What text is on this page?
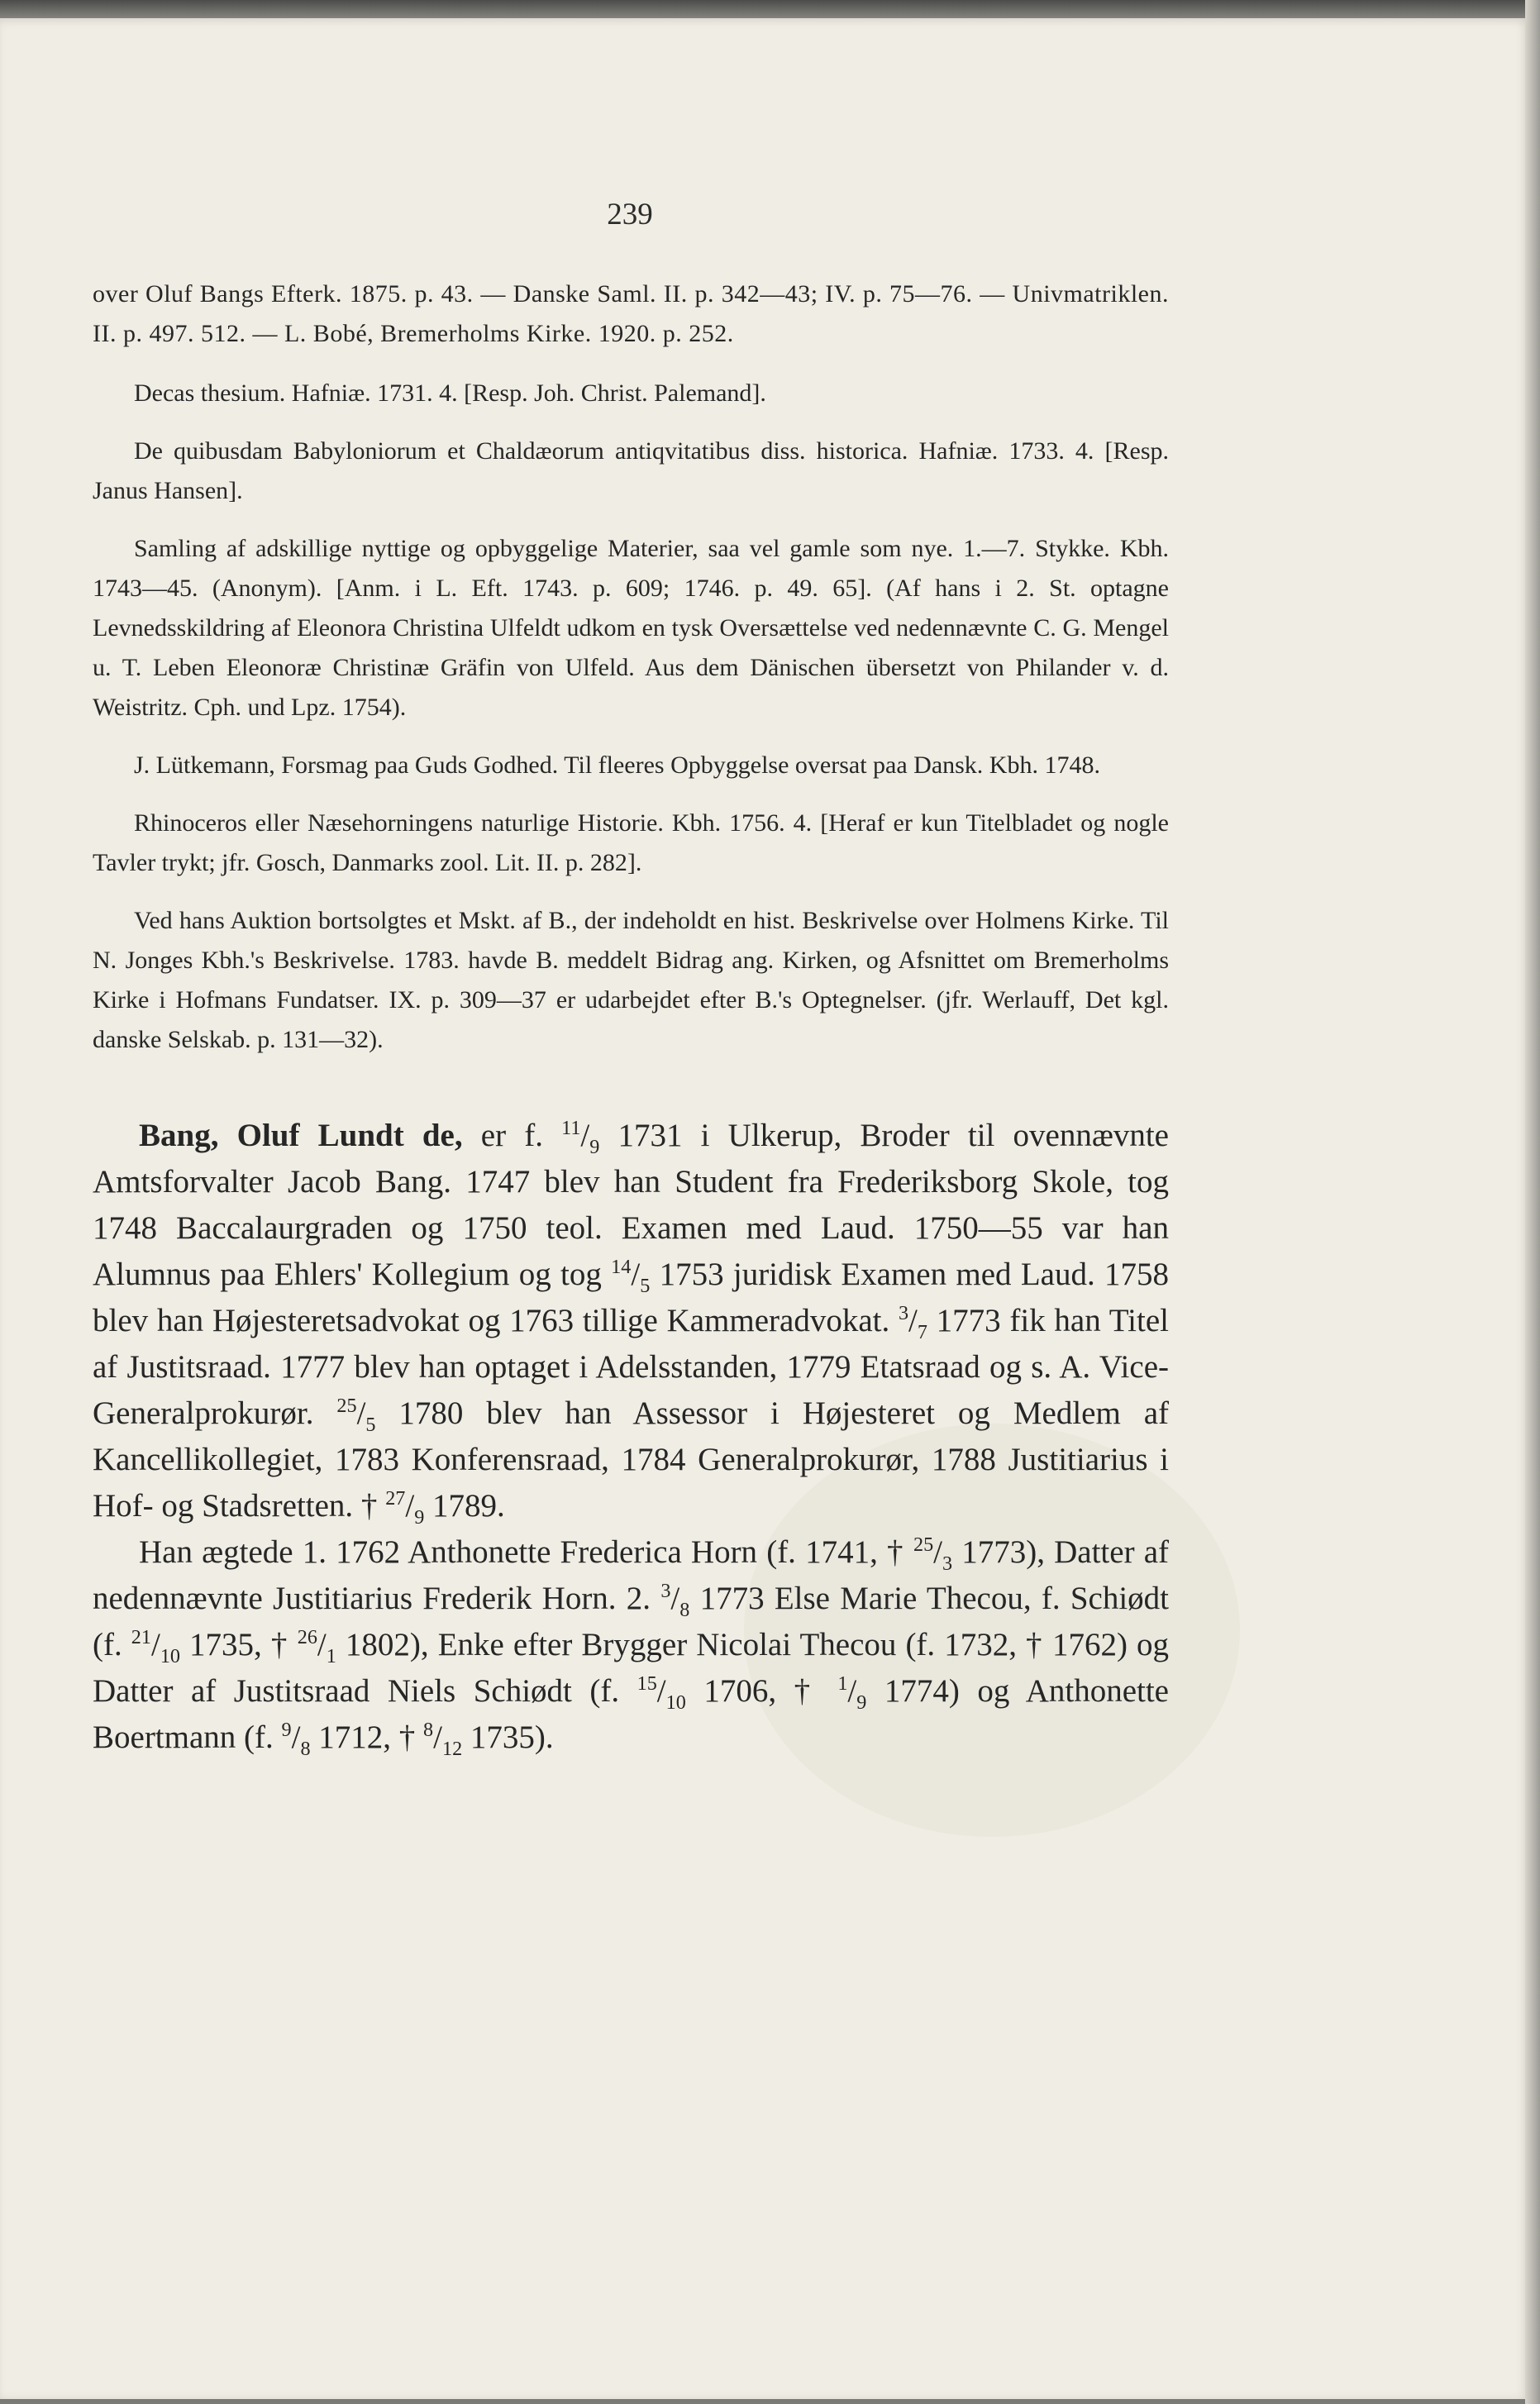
239

over Oluf Bangs Efterk. 1875. p. 43. — Danske Saml. II. p. 342—43; IV. p. 75—76. — Univmatriklen. II. p. 497. 512. — L. Bobé, Bremerholms Kirke. 1920. p. 252.

Decas thesium. Hafniæ. 1731. 4. [Resp. Joh. Christ. Palemand].

De quibusdam Babyloniorum et Chaldæorum antiqvitatibus diss. historica. Hafniæ. 1733. 4. [Resp. Janus Hansen].

Samling af adskillige nyttige og opbyggelige Materier, saa vel gamle som nye. 1.—7. Stykke. Kbh. 1743—45. (Anonym). [Anm. i L. Eft. 1743. p. 609; 1746. p. 49. 65]. (Af hans i 2. St. optagne Levnedsskildring af Eleonora Christina Ulfeldt udkom en tysk Oversættelse ved nedennævnte C. G. Mengel u. T. Leben Eleonoræ Christinæ Gräfin von Ulfeld. Aus dem Dänischen übersetzt von Philander v. d. Weistritz. Cph. und Lpz. 1754).

J. Lütkemann, Forsmag paa Guds Godhed. Til fleeres Opbyggelse oversat paa Dansk. Kbh. 1748.

Rhinoceros eller Næsehorningens naturlige Historie. Kbh. 1756. 4. [Heraf er kun Titelbladet og nogle Tavler trykt; jfr. Gosch, Danmarks zool. Lit. II. p. 282].

Ved hans Auktion bortsolgtes et Mskt. af B., der indeholdt en hist. Beskrivelse over Holmens Kirke. Til N. Jonges Kbh.'s Beskrivelse. 1783. havde B. meddelt Bidrag ang. Kirken, og Afsnittet om Bremerholms Kirke i Hofmans Fundatser. IX. p. 309—37 er udarbejdet efter B.'s Optegnelser. (jfr. Werlauff, Det kgl. danske Selskab. p. 131—32).

Bang, Oluf Lundt de, er f. $^{11}/_9$ 1731 i Ulkerup, Broder til ovennævnte Amtsforvalter Jacob Bang. 1747 blev han Student fra Frederiksborg Skole, tog 1748 Baccalaurgraden og 1750 teol. Examen med Laud. 1750—55 var han Alumnus paa Ehlers' Kollegium og tog $^{14}/_5$ 1753 juridisk Examen med Laud. 1758 blev han Højesteretsadvokat og 1763 tillige Kammeradvokat. $^3/_7$ 1773 fik han Titel af Justitsraad. 1777 blev han optaget i Adelsstanden, 1779 Etatsraad og s. A. Vice-Generalprokurør. $^{25}/_5$ 1780 blev han Assessor i Højesteret og Medlem af Kancellikollegiet, 1783 Konferensraad, 1784 Generalprokurør, 1788 Justitiarius i Hof- og Stadsretten. † $^{27}/_9$ 1789.

Han ægtede 1. 1762 Anthonette Frederica Horn (f. 1741, † $^{25}/_3$ 1773), Datter af nedennævnte Justitiarius Frederik Horn. 2. $^3/_8$ 1773 Else Marie Thecou, f. Schiødt (f. $^{21}/_{10}$ 1735, † $^{26}/_1$ 1802), Enke efter Brygger Nicolai Thecou (f. 1732, † 1762) og Datter af Justitsraad Niels Schiødt (f. $^{15}/_{10}$ 1706, † $^1/_9$ 1774) og Anthonette Boertmann (f. $^9/_8$ 1712, † $^8/_{12}$ 1735).
